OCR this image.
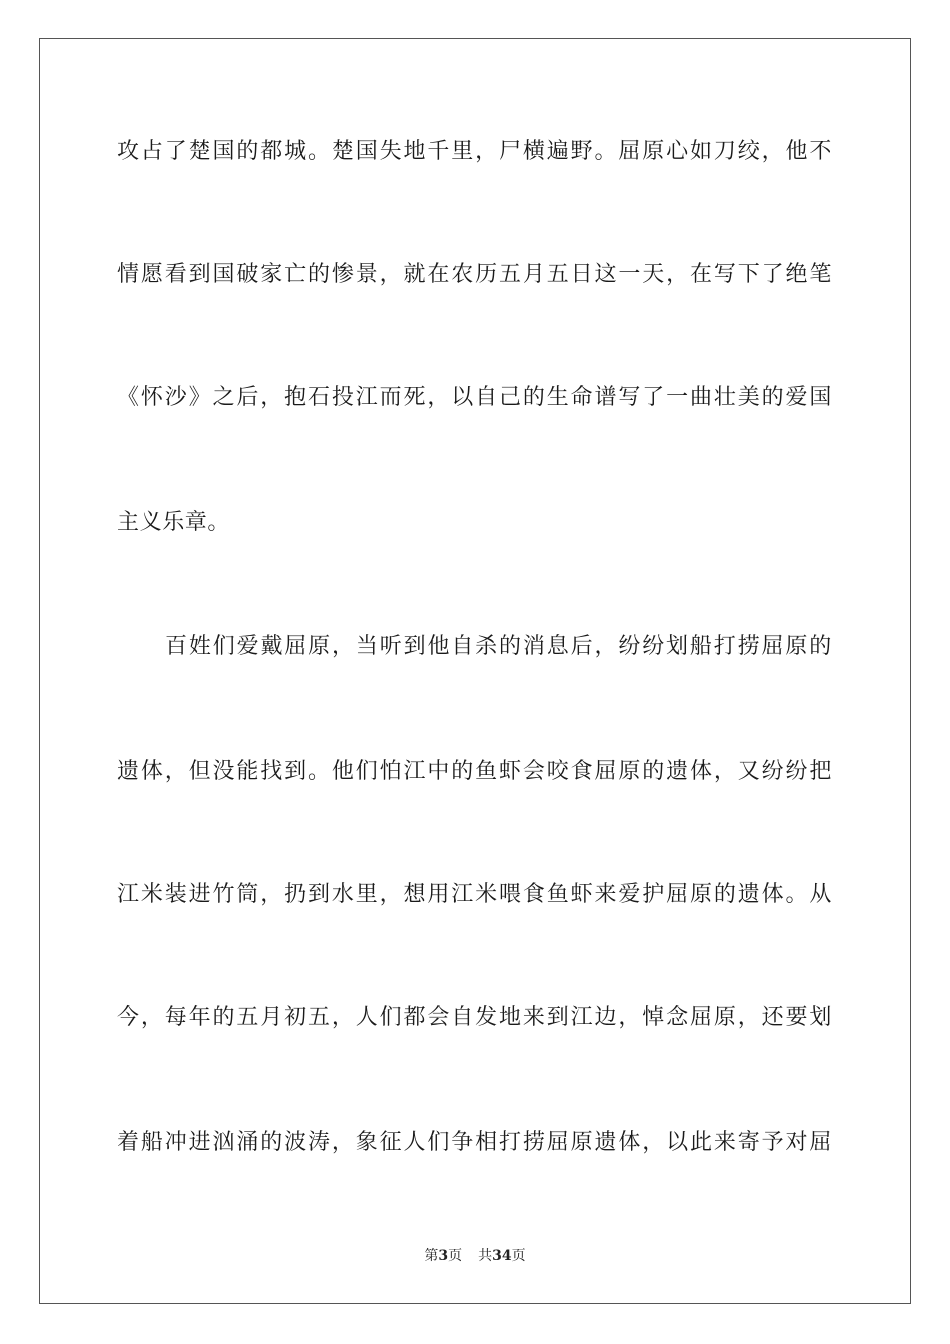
攻 占 了 楚 国 的 都 城 。 楚 国 失 地 千 里 ， 尸 横 遍 野 。 屈 原 心 如 刀 绞 ， 他 不
情 愿 看 到 国 破 家 亡 的 惨 景 ， 就 在 农 历 五 月 五 日 这 一 天 ， 在 写 下 了 绝 笔
《 怀 沙 》 之 后 ， 抱 石 投 江 而 死 ， 以 自 己 的 生 命 谱 写 了 一 曲 壮 美 的 爱 国
主义乐章。
百 姓 们 爱 戴 屈 原 ， 当 听 到 他 自 杀 的 消 息 后 ， 纷 纷 划 船 打 捞 屈 原 的
遗 体 ， 但 没 能 找 到 。 他 们 怕 江 中 的 鱼 虾 会 咬 食 屈 原 的 遗 体 ， 又 纷 纷 把
江 米 装 进 竹 筒 ， 扔 到 水 里 ， 想 用 江 米 喂 食 鱼 虾 来 爱 护 屈 原 的 遗 体 。 从
今 ， 每 年 的 五 月 初 五 ， 人 们 都 会 自 发 地 来 到 江 边 ， 悼 念 屈 原 ， 还 要 划
着 船 冲 进 汹 涌 的 波 涛 ， 象 征 人 们 争 相 打 捞 屈 原 遗 体 ， 以 此 来 寄 予 对 屈
第3页 共34页
